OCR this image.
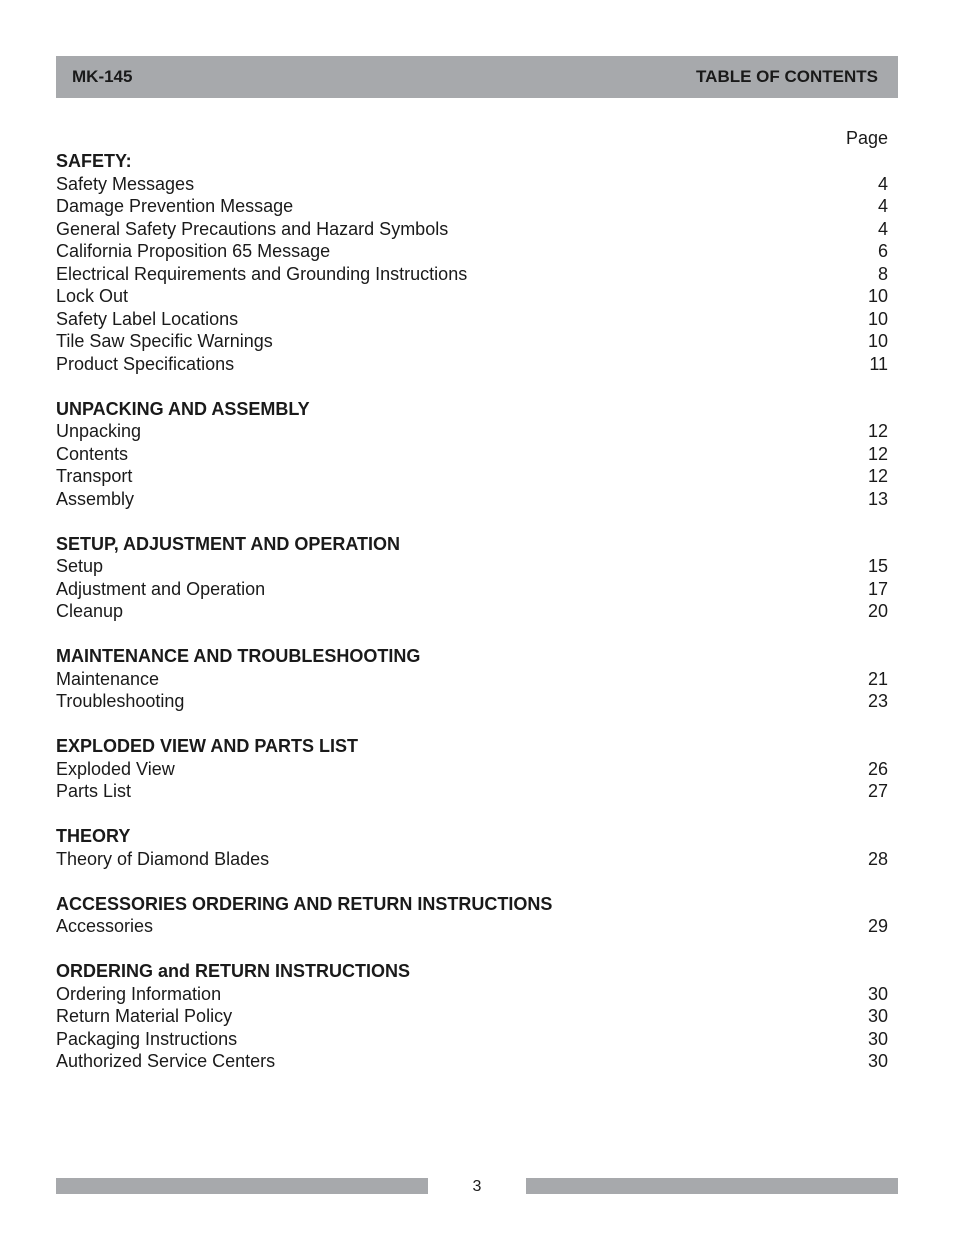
MK-145	TABLE OF CONTENTS
Page
SAFETY:
Safety Messages	4
Damage Prevention Message	4
General Safety Precautions and Hazard Symbols	4
California Proposition 65 Message	6
Electrical Requirements and Grounding Instructions	8
Lock Out	10
Safety Label Locations	10
Tile Saw Specific Warnings	10
Product Specifications	11
UNPACKING AND ASSEMBLY
Unpacking	12
Contents	12
Transport	12
Assembly	13
SETUP, ADJUSTMENT AND OPERATION
Setup	15
Adjustment and Operation	17
Cleanup	20
MAINTENANCE AND TROUBLESHOOTING
Maintenance	21
Troubleshooting	23
EXPLODED VIEW AND PARTS LIST
Exploded View	26
Parts List	27
THEORY
Theory of Diamond Blades	28
ACCESSORIES ORDERING AND RETURN INSTRUCTIONS
Accessories	29
ORDERING and RETURN INSTRUCTIONS
Ordering Information	30
Return Material Policy	30
Packaging Instructions	30
Authorized Service Centers	30
3
